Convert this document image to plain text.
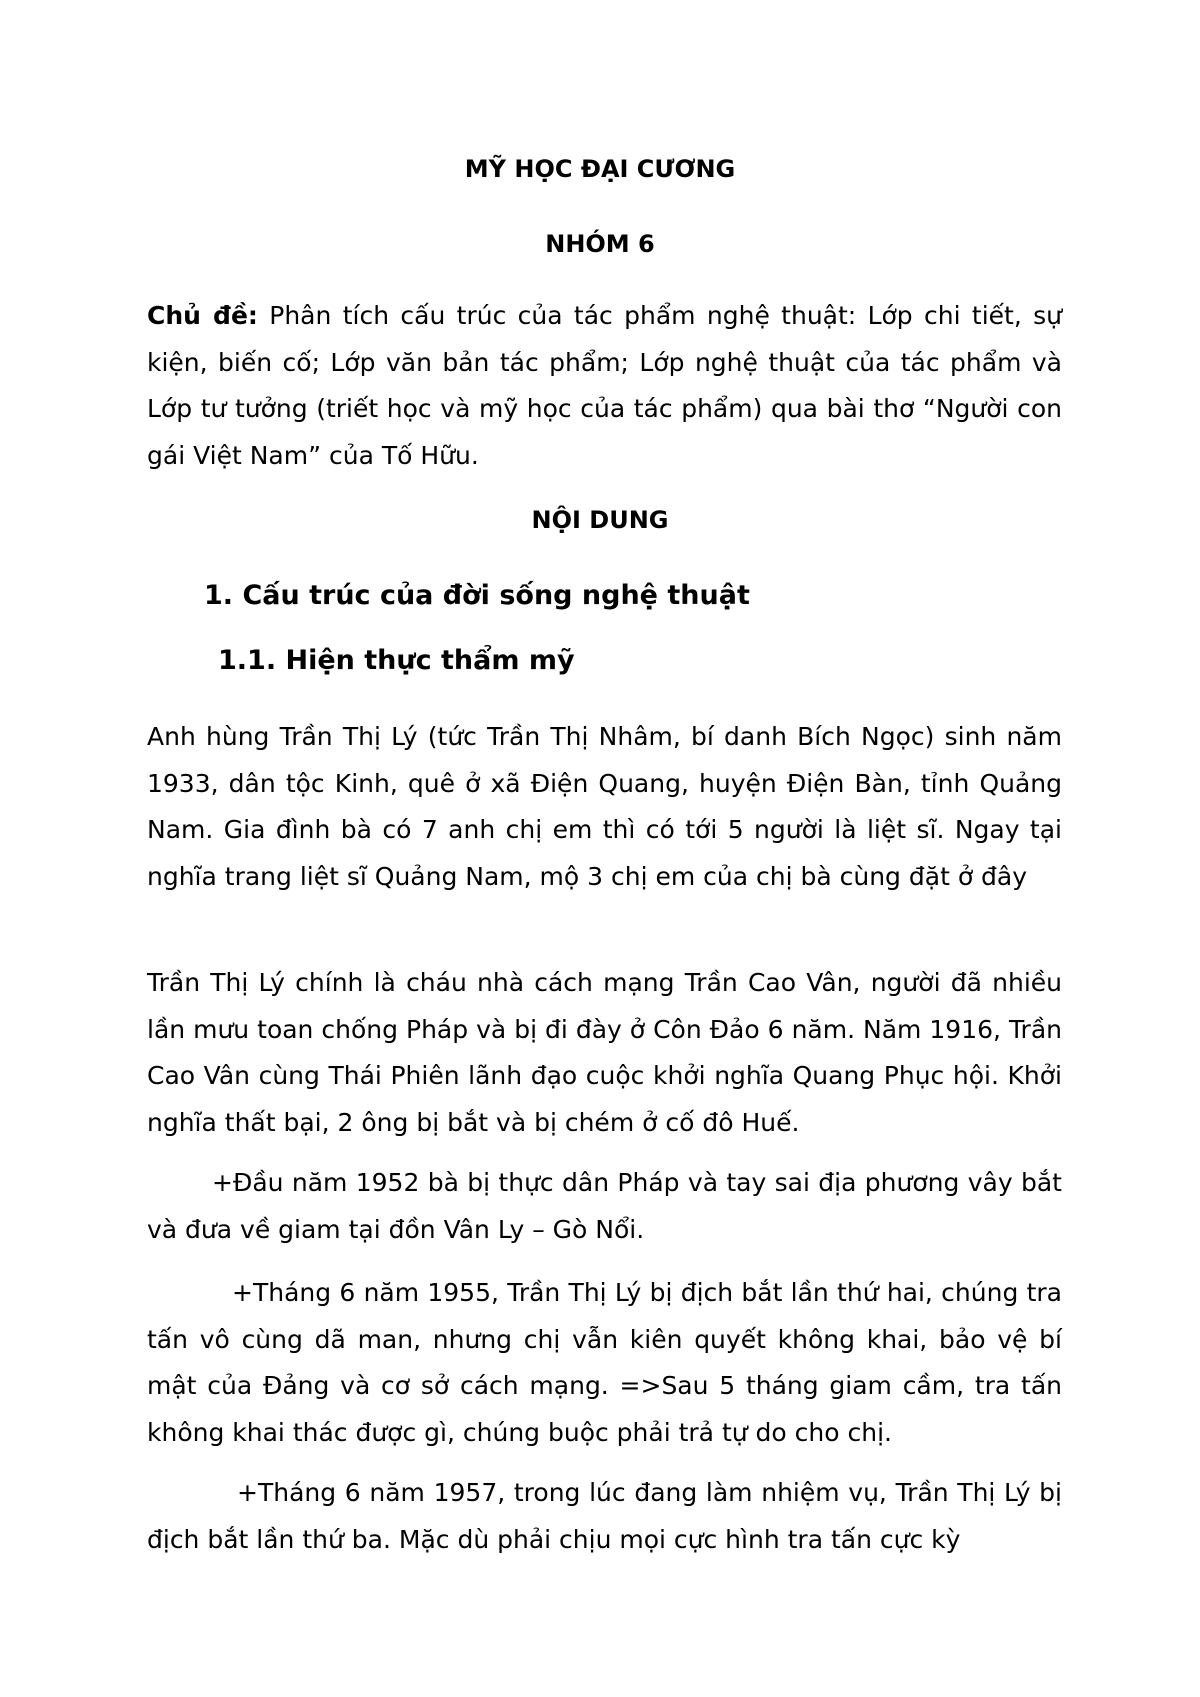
MỸ HỌC ĐẠI CƯƠNG
NHÓM 6

Chủ đề: Phân tích cấu trúc của tác phẩm nghệ thuật: Lớp chi tiết, sự kiện, biến cố; Lớp văn bản tác phẩm; Lớp nghệ thuật của tác phẩm và Lớp tư tưởng (triết học và mỹ học của tác phẩm) qua bài thơ “Người con gái Việt Nam” của Tố Hữu.

NỘI DUNG
1. Cấu trúc của đời sống nghệ thuật
1.1. Hiện thực thẩm mỹ

Anh hùng Trần Thị Lý (tức Trần Thị Nhâm, bí danh Bích Ngọc) sinh năm 1933, dân tộc Kinh, quê ở xã Điện Quang, huyện Điện Bàn, tỉnh Quảng Nam. Gia đình bà có 7 anh chị em thì có tới 5 người là liệt sĩ. Ngay tại nghĩa trang liệt sĩ Quảng Nam, mộ 3 chị em của chị bà cùng đặt ở đây

Trần Thị Lý chính là cháu nhà cách mạng Trần Cao Vân, người đã nhiều lần mưu toan chống Pháp và bị đi đày ở Côn Đảo 6 năm. Năm 1916, Trần Cao Vân cùng Thái Phiên lãnh đạo cuộc khởi nghĩa Quang Phục hội. Khởi nghĩa thất bại, 2 ông bị bắt và bị chém ở cố đô Huế.

+Đầu năm 1952 bà bị thực dân Pháp và tay sai địa phương vây bắt và đưa về giam tại đồn Vân Ly – Gò Nổi.

+Tháng 6 năm 1955, Trần Thị Lý bị địch bắt lần thứ hai, chúng tra tấn vô cùng dã man, nhưng chị vẫn kiên quyết không khai, bảo vệ bí mật của Đảng và cơ sở cách mạng. =>Sau 5 tháng giam cầm, tra tấn không khai thác được gì, chúng buộc phải trả tự do cho chị.

+Tháng 6 năm 1957, trong lúc đang làm nhiệm vụ, Trần Thị Lý bị địch bắt lần thứ ba. Mặc dù phải chịu mọi cực hình tra tấn cực kỳ
